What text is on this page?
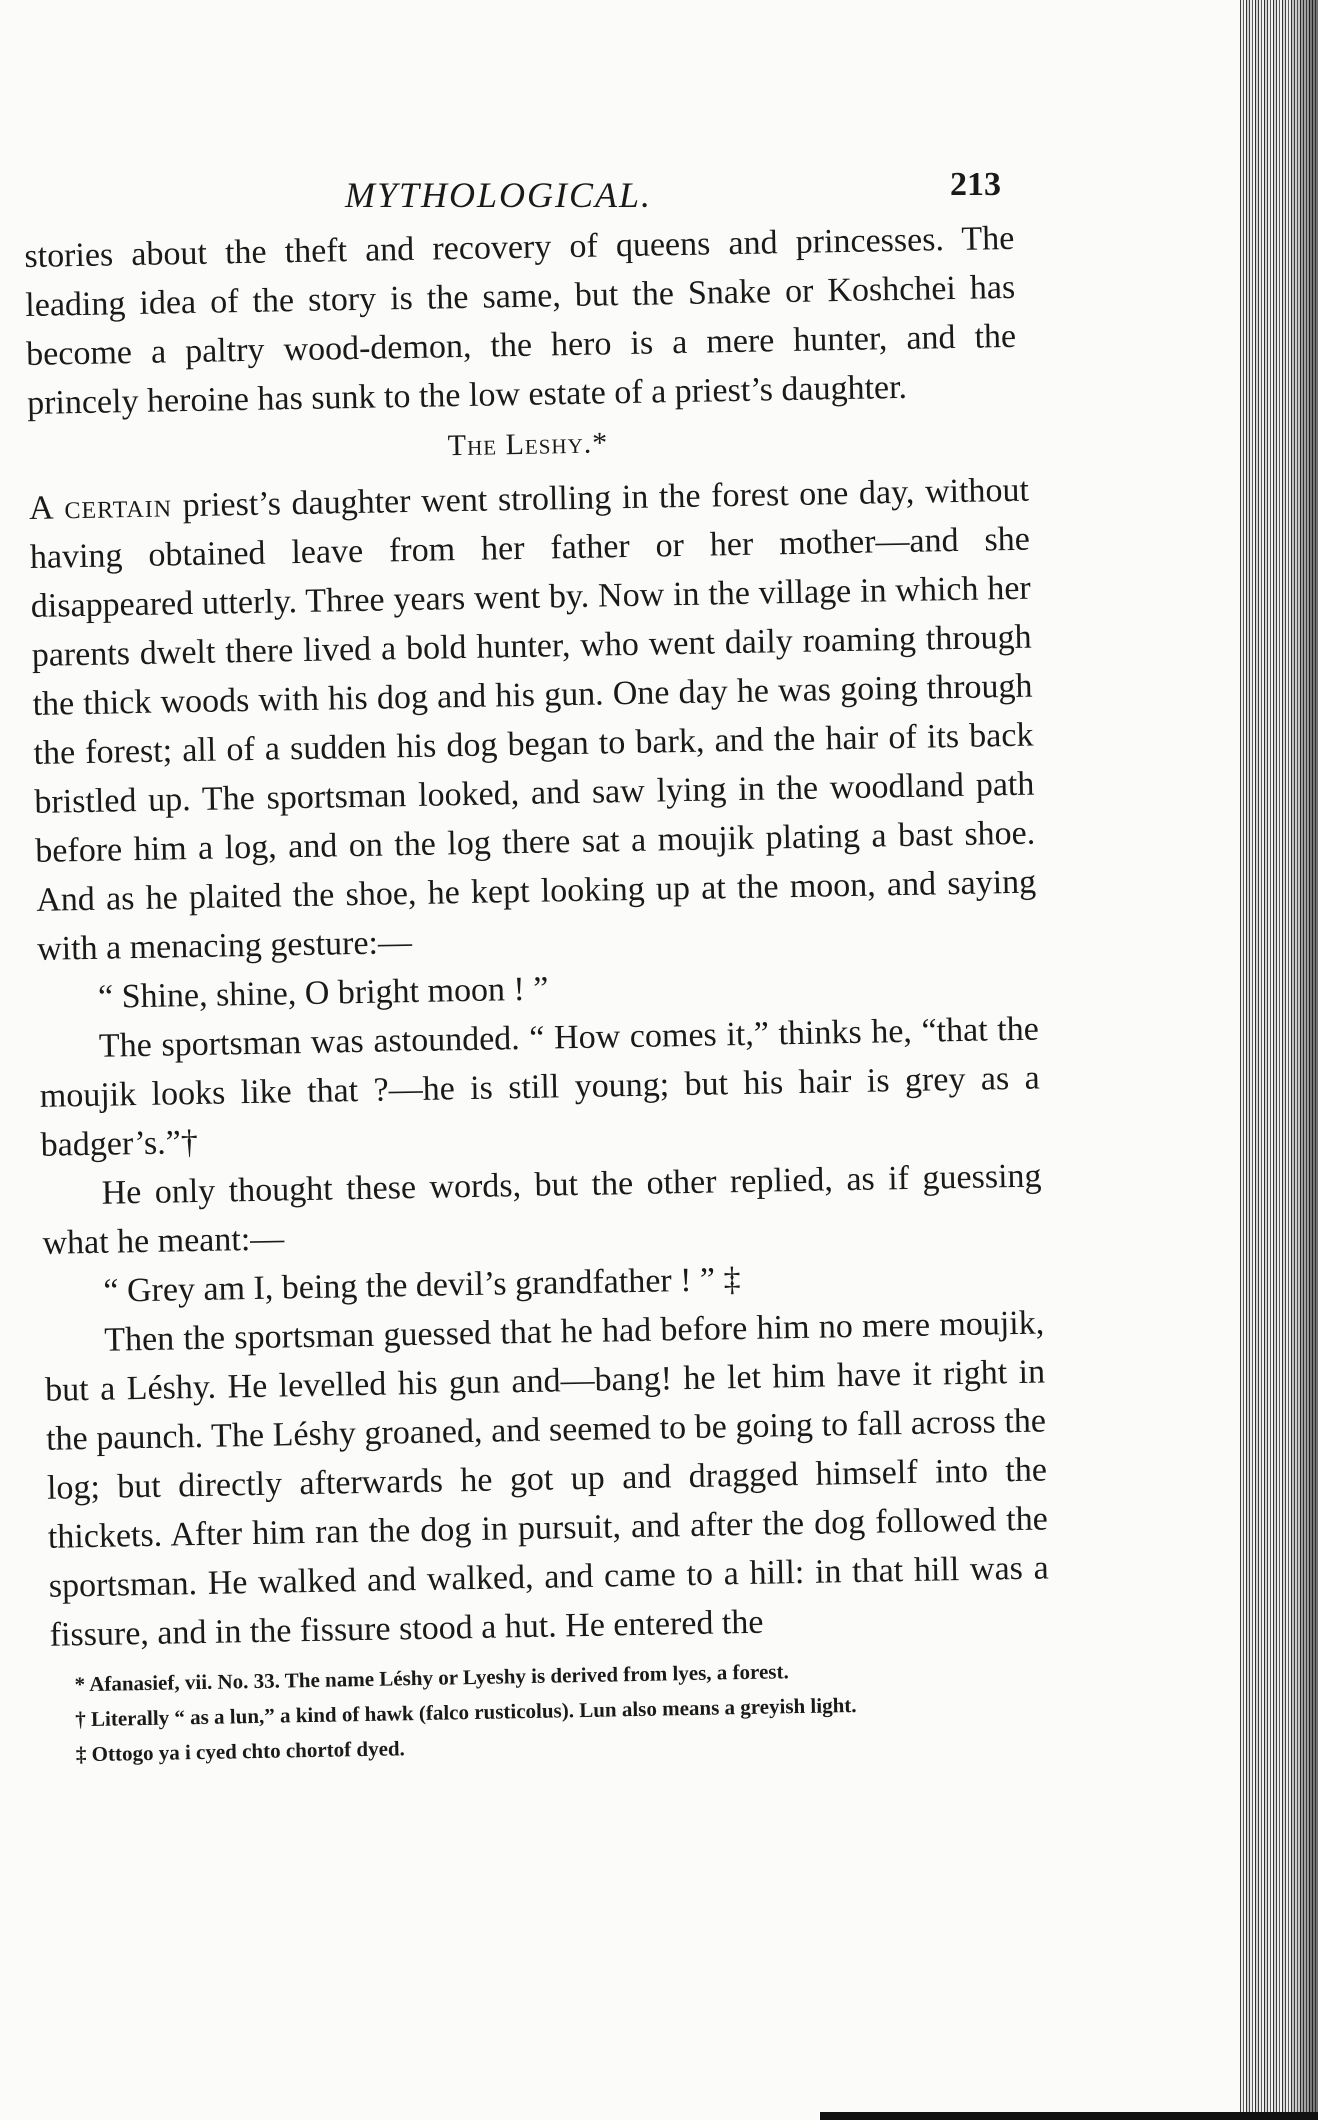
MYTHOLOGICAL.	213

stories about the theft and recovery of queens and princesses. The leading idea of the story is the same, but the Snake or Koshchei has become a paltry wood-demon, the hero is a mere hunter, and the princely heroine has sunk to the low estate of a priest’s daughter.

The Leshy.*

A certain priest’s daughter went strolling in the forest one day, without having obtained leave from her father or her mother—and she disappeared utterly. Three years went by. Now in the village in which her parents dwelt there lived a bold hunter, who went daily roaming through the thick woods with his dog and his gun. One day he was going through the forest; all of a sudden his dog began to bark, and the hair of its back bristled up. The sportsman looked, and saw lying in the woodland path before him a log, and on the log there sat a moujik plating a bast shoe. And as he plaited the shoe, he kept looking up at the moon, and saying with a menacing gesture:—

“ Shine, shine, O bright moon ! ”

The sportsman was astounded. “ How comes it,” thinks he, “that the moujik looks like that ?—he is still young; but his hair is grey as a badger’s.”†

He only thought these words, but the other replied, as if guessing what he meant:—

“ Grey am I, being the devil’s grandfather ! ” ‡

Then the sportsman guessed that he had before him no mere moujik, but a Léshy. He levelled his gun and—bang! he let him have it right in the paunch. The Léshy groaned, and seemed to be going to fall across the log; but directly afterwards he got up and dragged himself into the thickets. After him ran the dog in pursuit, and after the dog followed the sportsman. He walked and walked, and came to a hill: in that hill was a fissure, and in the fissure stood a hut. He entered the

* Afanasief, vii. No. 33. The name Léshy or Lyeshy is derived from lyes, a forest.

† Literally “ as a lun,” a kind of hawk (falco rusticolus). Lun also means a greyish light.

‡ Ottogo ya i cyed chto chortof dyed.
